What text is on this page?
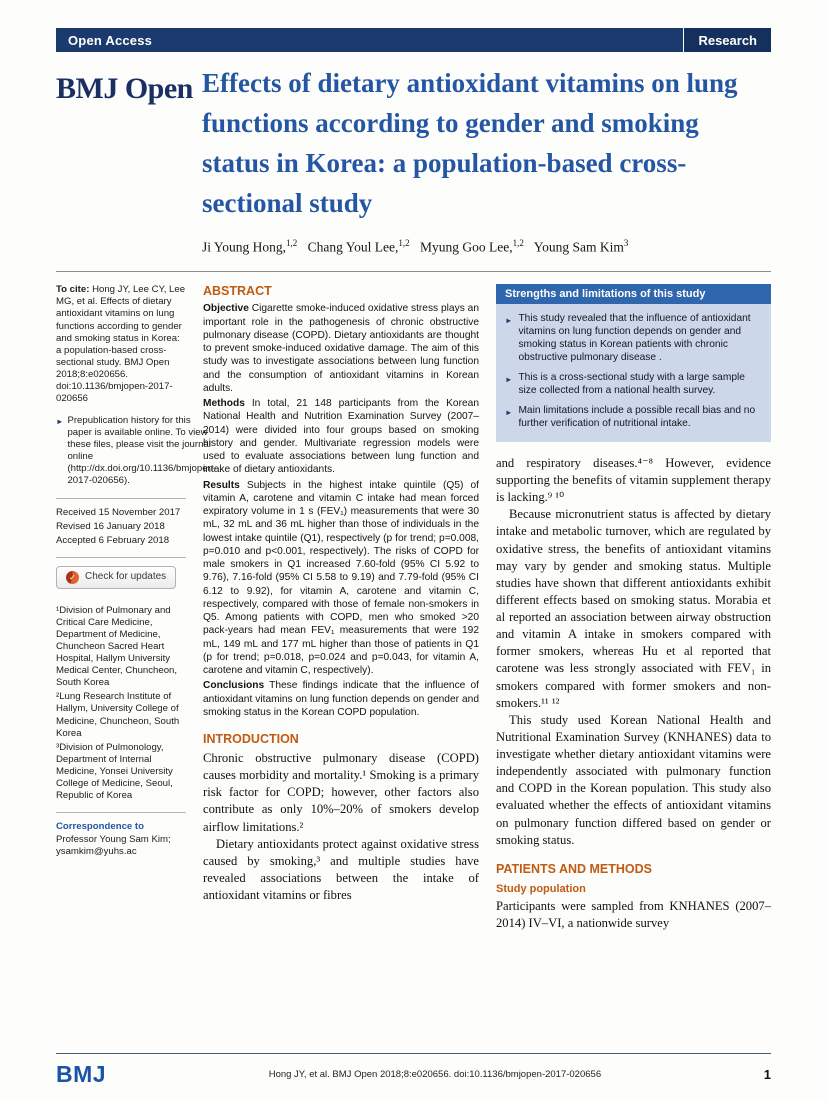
Open Access	Research
BMJ Open Effects of dietary antioxidant vitamins on lung functions according to gender and smoking status in Korea: a population-based cross-sectional study
Ji Young Hong,$^{1,2}$ Chang Youl Lee,$^{1,2}$ Myung Goo Lee,$^{1,2}$ Young Sam Kim$^3$
To cite: Hong JY, Lee CY, Lee MG, et al. Effects of dietary antioxidant vitamins on lung functions according to gender and smoking status in Korea: a population-based cross-sectional study. BMJ Open 2018;8:e020656. doi:10.1136/bmjopen-2017-020656
► Prepublication history for this paper is available online. To view these files, please visit the journal online (http://dx.doi.org/10.1136/bmjopen-2017-020656).
Received 15 November 2017
Revised 16 January 2018
Accepted 6 February 2018
✓ Check for updates

¹Division of Pulmonary and Critical Care Medicine, Department of Medicine, Chuncheon Sacred Heart Hospital, Hallym University Medical Center, Chuncheon, South Korea

²Lung Research Institute of Hallym, University College of Medicine, Chuncheon, South Korea

³Division of Pulmonology, Department of Internal Medicine, Yonsei University College of Medicine, Seoul, Republic of Korea

Correspondence to
Professor Young Sam Kim; ysamkim@yuhs.ac
ABSTRACT

Objective Cigarette smoke-induced oxidative stress plays an important role in the pathogenesis of chronic obstructive pulmonary disease (COPD). Dietary antioxidants are thought to prevent smoke-induced oxidative damage. The aim of this study was to investigate associations between lung function and the consumption of antioxidant vitamins in Korean adults.

Methods In total, 21 148 participants from the Korean National Health and Nutrition Examination Survey (2007–2014) were divided into four groups based on smoking history and gender. Multivariate regression models were used to evaluate associations between lung function and intake of dietary antioxidants.

Results Subjects in the highest intake quintile (Q5) of vitamin A, carotene and vitamin C intake had mean forced expiratory volume in 1 s (FEV₁) measurements that were 30 mL, 32 mL and 36 mL higher than those of individuals in the lowest intake quintile (Q1), respectively (p for trend; p=0.008, p=0.010 and p<0.001, respectively). The risks of COPD for male smokers in Q1 increased 7.60-fold (95% CI 5.92 to 9.76), 7.16-fold (95% CI 5.58 to 9.19) and 7.79-fold (95% CI 6.12 to 9.92), for vitamin A, carotene and vitamin C, respectively, compared with those of female non-smokers in Q5. Among patients with COPD, men who smoked >20 pack-years had mean FEV₁ measurements that were 192 mL, 149 mL and 177 mL higher than those of patients in Q1 (p for trend; p=0.018, p=0.024 and p=0.043, for vitamin A, carotene and vitamin C, respectively).

Conclusions These findings indicate that the influence of antioxidant vitamins on lung function depends on gender and smoking status in the Korean COPD population.

INTRODUCTION

Chronic obstructive pulmonary disease (COPD) causes morbidity and mortality.¹ Smoking is a primary risk factor for COPD; however, other factors also contribute as only 10%–20% of smokers develop airflow limitations.²

Dietary antioxidants protect against oxidative stress caused by smoking,³ and multiple studies have revealed associations between the intake of antioxidant vitamins or fibres

Strengths and limitations of this study
► This study revealed that the influence of antioxidant vitamins on lung function depends on gender and smoking status in Korean patients with chronic obstructive pulmonary disease .
► This is a cross-sectional study with a large sample size collected from a national health survey.
► Main limitations include a possible recall bias and no further verification of nutritional intake.

and respiratory diseases.⁴⁻⁸ However, evidence supporting the benefits of vitamin supplement therapy is lacking.⁹ ¹⁰

Because micronutrient status is affected by dietary intake and metabolic turnover, which are regulated by oxidative stress, the benefits of antioxidant vitamins may vary by gender and smoking status. Multiple studies have shown that different antioxidants exhibit different effects based on smoking status. Morabia et al reported an association between airway obstruction and vitamin A intake in smokers compared with former smokers, whereas Hu et al reported that carotene was less strongly associated with FEV₁ in smokers compared with former smokers and non-smokers.¹¹ ¹²

This study used Korean National Health and Nutritional Examination Survey (KNHANES) data to investigate whether dietary antioxidant vitamins were independently associated with pulmonary function and COPD in the Korean population. This study also evaluated whether the effects of antioxidant vitamins on pulmonary function differed based on gender or smoking status.

PATIENTS AND METHODS
Study population

Participants were sampled from KNHANES (2007–2014) IV–VI, a nationwide survey

BMJ	Hong JY, et al. BMJ Open 2018;8:e020656. doi:10.1136/bmjopen-2017-020656	1
